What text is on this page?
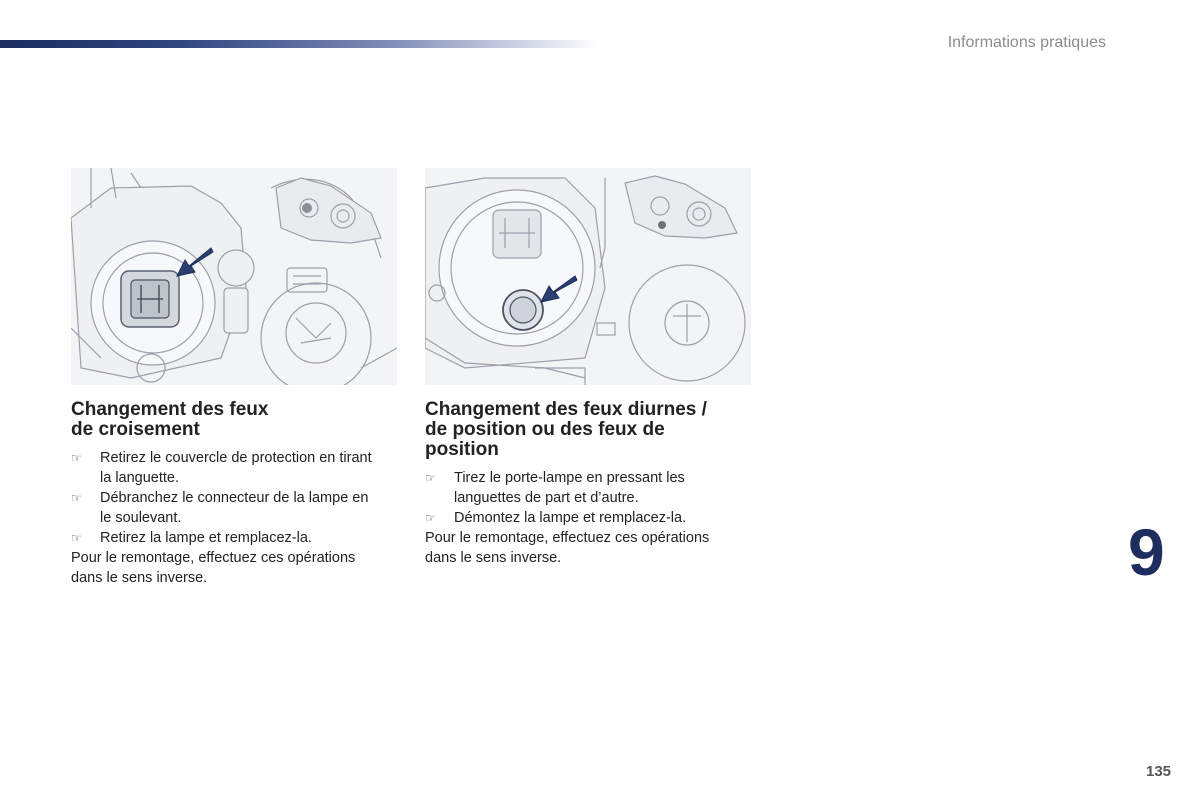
Informations pratiques
Changement des feux
de croisement
☞ Retirez le couvercle de protection en tirant
la languette.
☞ Débranchez le connecteur de la lampe en
le soulevant.
☞ Retirez la lampe et remplacez-la.

Pour le remontage, effectuez ces opérations
dans le sens inverse.

Changement des feux diurnes /
de position ou des feux de
position
☞ Tirez le porte-lampe en pressant les
languettes de part et d’autre.
☞ Démontez la lampe et remplacez-la.

Pour le remontage, effectuez ces opérations
dans le sens inverse.	9
135
